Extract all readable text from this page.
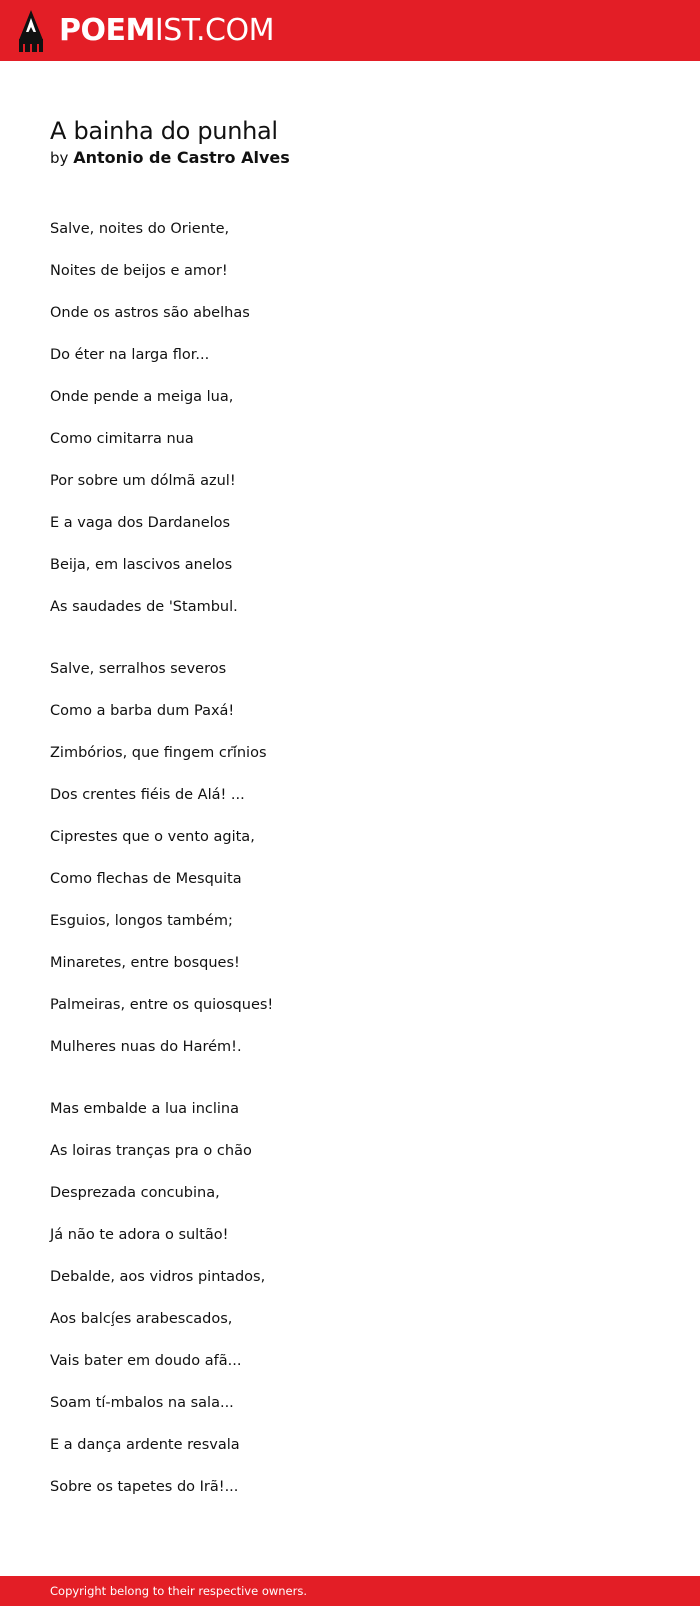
POEMIST.COM
A bainha do punhal

by Antonio de Castro Alves

Salve, noites do Oriente,
Noites de beijos e amor!
Onde os astros são abelhas
Do éter na larga flor...
Onde pende a meiga lua,
Como cimitarra nua
Por sobre um dólmã azul!
E a vaga dos Dardanelos
Beija, em lascivos anelos
As saudades de 'Stambul.
Salve, serralhos severos
Como a barba dum Paxá!
Zimbórios, que fingem crí̄nios
Dos crentes fiéis de Alá! ...
Ciprestes que o vento agita,
Como flechas de Mesquita
Esguios, longos também;
Minaretes, entre bosques!
Palmeiras, entre os quiosques!
Mulheres nuas do Harém!.
Mas embalde a lua inclina
As loiras tranças pra o chão
Desprezada concubina,
Já não te adora o sultão!
Debalde, aos vidros pintados,
Aos balcí̧es arabescados,
Vais bater em doudo afã...
Soam tí-mbalos na sala...
E a dança ardente resvala
Sobre os tapetes do Irã!...
Copyright belong to their respective owners.
